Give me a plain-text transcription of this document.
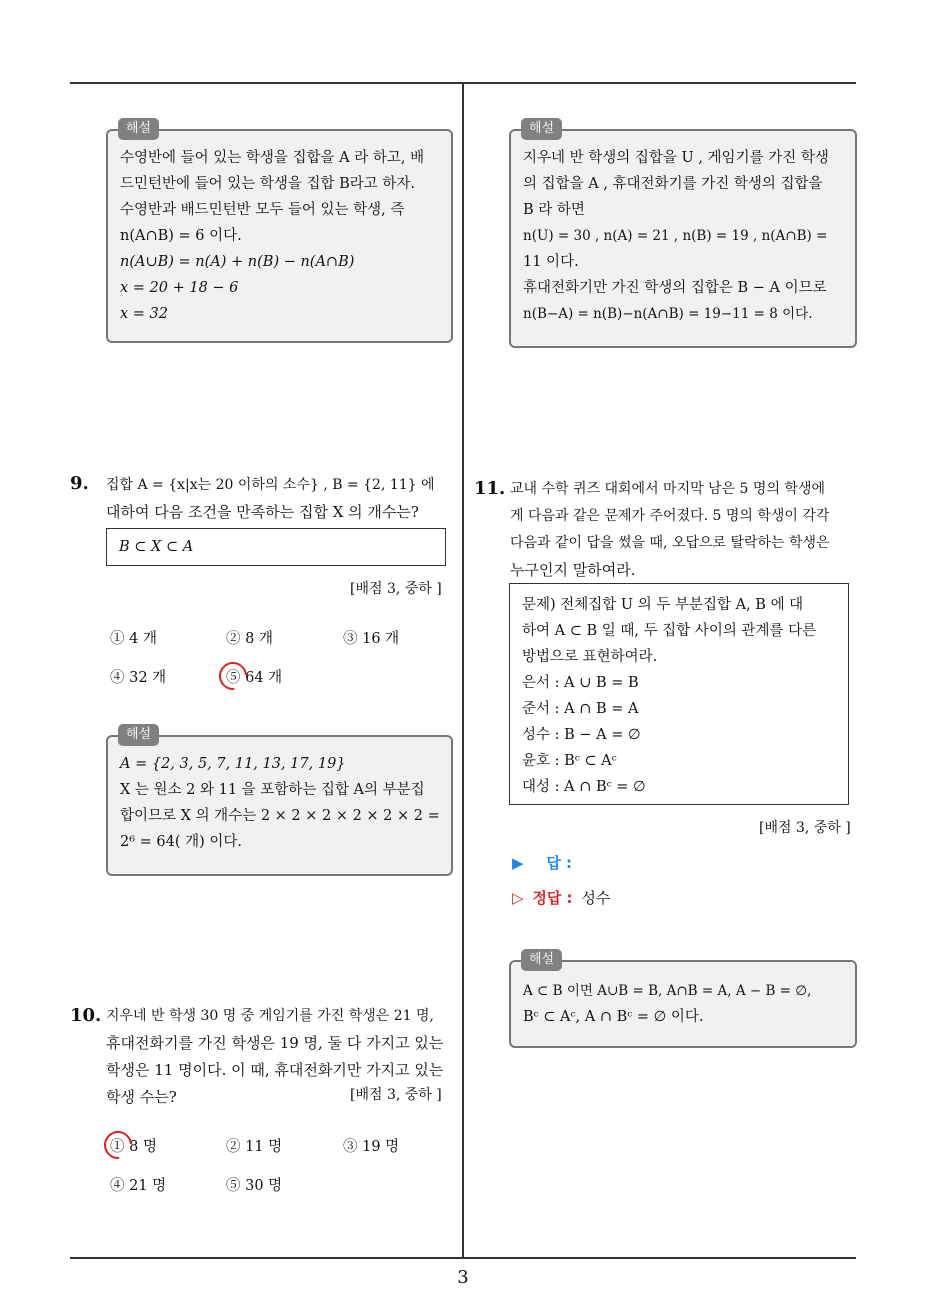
해설
수영반에 들어 있는 학생을 집합을 A 라 하고, 배
드민턴반에 들어 있는 학생을 집합 B라고 하자.
수영반과 배드민턴반 모두 들어 있는 학생, 즉
n(A∩B) = 6 이다.
n(A∪B) = n(A) + n(B) − n(A∩B)
x = 20 + 18 − 6
x = 32
해설
지우네 반 학생의 집합을 U , 게임기를 가진 학생
의 집합을 A , 휴대전화기를 가진 학생의 집합을
B 라 하면
n(U) = 30 , n(A) = 21 , n(B) = 19 , n(A∩B) =
11 이다.
휴대전화기만 가진 학생의 집합은 B − A 이므로
n(B−A) = n(B)−n(A∩B) = 19−11 = 8 이다.
9. 집합 A = {x|x는 20 이하의 소수} , B = {2, 11} 에
대하여 다음 조건을 만족하는 집합 X 의 개수는?
B ⊂ X ⊂ A
[배점 3, 중하 ]
① 4 개	② 8 개	③ 16 개
④ 32 개	⑤ 64 개
해설
A = {2, 3, 5, 7, 11, 13, 17, 19}
X 는 원소 2 와 11 을 포함하는 집합 A의 부분집
합이므로 X 의 개수는 2 × 2 × 2 × 2 × 2 × 2 =
2⁶ = 64( 개) 이다.
10. 지우네 반 학생 30 명 중 게임기를 가진 학생은 21 명,
휴대전화기를 가진 학생은 19 명, 둘 다 가지고 있는
학생은 11 명이다. 이 때, 휴대전화기만 가지고 있는
학생 수는?	[배점 3, 중하 ]
① 8 명	② 11 명	③ 19 명
④ 21 명	⑤ 30 명
11. 교내 수학 퀴즈 대회에서 마지막 남은 5 명의 학생에
게 다음과 같은 문제가 주어졌다. 5 명의 학생이 각각
다음과 같이 답을 썼을 때, 오답으로 탈락하는 학생은
누구인지 말하여라.
문제) 전체집합 U 의 두 부분집합 A, B 에 대
하여 A ⊂ B 일 때, 두 집합 사이의 관계를 다른
방법으로 표현하여라.
은서 : A ∪ B = B
준서 : A ∩ B = A
성수 : B − A = ∅
윤호 : Bᶜ ⊂ Aᶜ
대성 : A ∩ Bᶜ = ∅
[배점 3, 중하 ]
▶ 답 :
▷ 정답 : 성수
해설
A ⊂ B 이면 A∪B = B, A∩B = A, A − B = ∅,
Bᶜ ⊂ Aᶜ, A ∩ Bᶜ = ∅ 이다.
3
